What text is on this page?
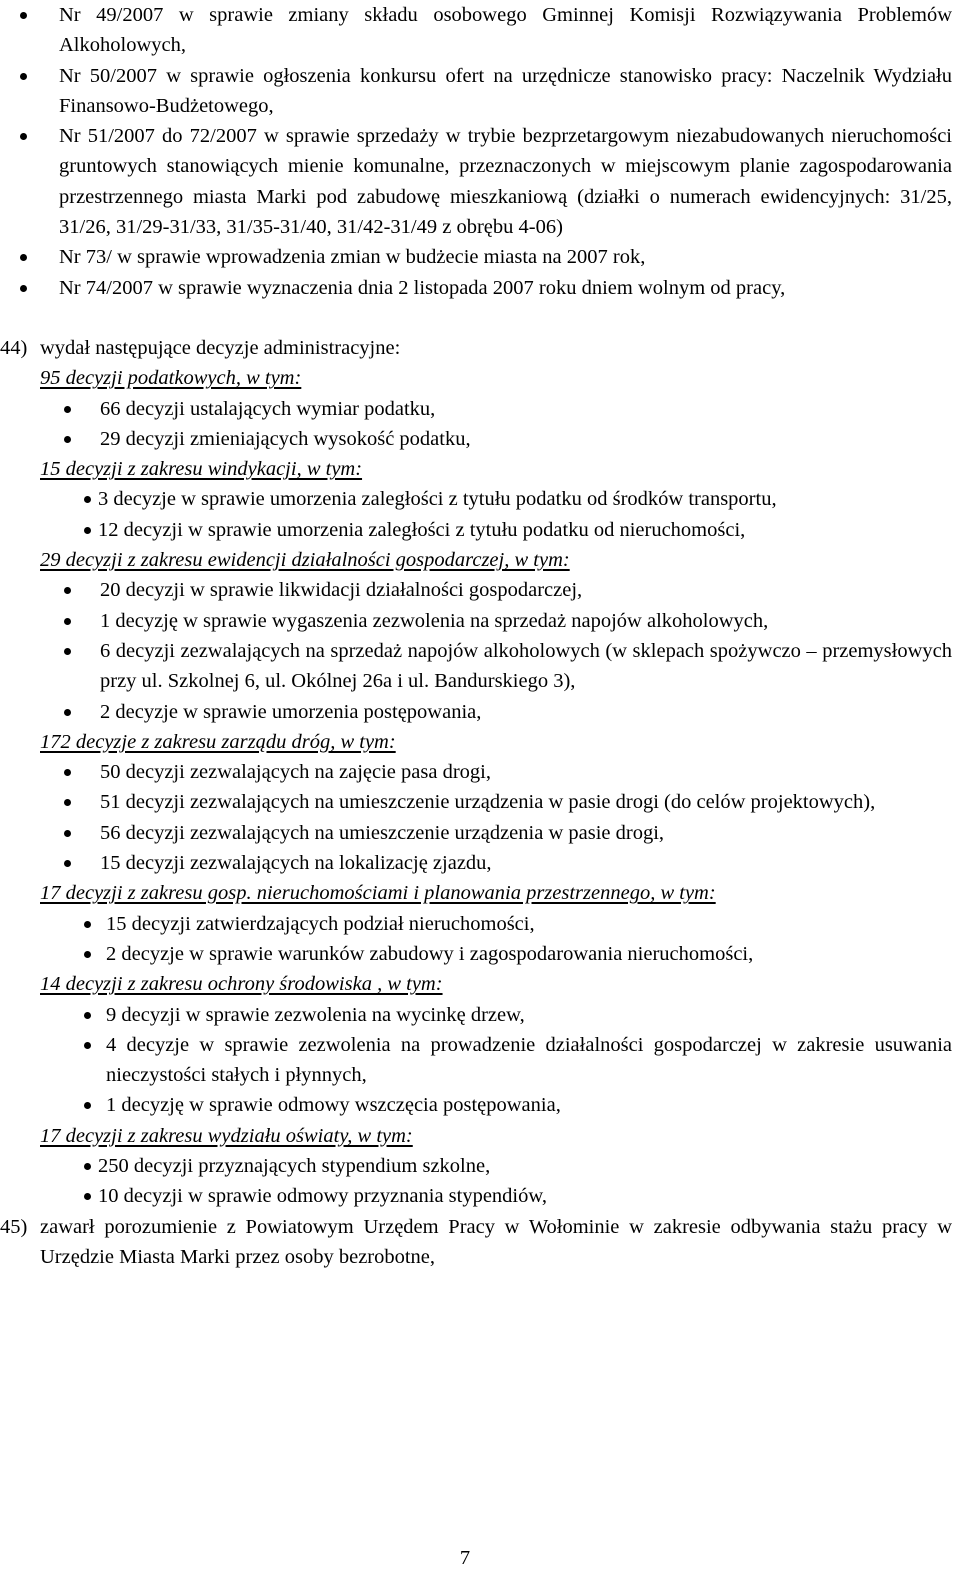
Nr 49/2007 w sprawie zmiany składu osobowego Gminnej Komisji Rozwiązywania Problemów Alkoholowych,
Nr 50/2007 w sprawie ogłoszenia konkursu ofert na urzędnicze stanowisko pracy: Naczelnik Wydziału Finansowo-Budżetowego,
Nr 51/2007 do 72/2007 w sprawie sprzedaży w trybie bezprzetargowym niezabudowanych nieruchomości gruntowych stanowiących mienie komunalne, przeznaczonych w miejscowym planie zagospodarowania przestrzennego miasta Marki pod zabudowę mieszkaniową (działki o numerach ewidencyjnych: 31/25, 31/26, 31/29-31/33, 31/35-31/40, 31/42-31/49 z obrębu 4-06)
Nr 73/ w sprawie wprowadzenia zmian w budżecie miasta na 2007 rok,
Nr 74/2007 w sprawie wyznaczenia dnia 2 listopada 2007 roku dniem wolnym od pracy,
44) wydał następujące decyzje administracyjne:
95 decyzji podatkowych, w tym:
66 decyzji ustalających wymiar podatku,
29 decyzji zmieniających wysokość podatku,
15 decyzji z zakresu windykacji, w tym:
3 decyzje w sprawie umorzenia zaległości z tytułu podatku od środków transportu,
12 decyzji w sprawie umorzenia zaległości z tytułu podatku od nieruchomości,
29 decyzji z zakresu ewidencji działalności gospodarczej, w tym:
20 decyzji w sprawie likwidacji działalności gospodarczej,
1 decyzję w sprawie wygaszenia zezwolenia na sprzedaż napojów alkoholowych,
6 decyzji zezwalających na sprzedaż napojów alkoholowych (w sklepach spożywczo – przemysłowych przy ul. Szkolnej 6, ul. Okólnej 26a i ul. Bandurskiego 3),
2 decyzje w sprawie umorzenia postępowania,
172 decyzje z zakresu zarządu dróg, w tym:
50 decyzji zezwalających na zajęcie pasa drogi,
51 decyzji zezwalających na umieszczenie urządzenia w pasie drogi (do celów projektowych),
56 decyzji zezwalających na umieszczenie urządzenia w pasie drogi,
15 decyzji zezwalających na lokalizację zjazdu,
17 decyzji z zakresu gosp. nieruchomościami i planowania przestrzennego, w tym:
15 decyzji zatwierdzających podział nieruchomości,
2 decyzje w sprawie warunków zabudowy i zagospodarowania nieruchomości,
14 decyzji z zakresu ochrony środowiska , w tym:
9 decyzji w sprawie zezwolenia na wycinkę drzew,
4 decyzje w sprawie zezwolenia na prowadzenie działalności gospodarczej w zakresie usuwania nieczystości stałych i płynnych,
1 decyzję w sprawie odmowy wszczęcia postępowania,
17 decyzji z zakresu wydziału oświaty, w tym:
250 decyzji przyznających stypendium szkolne,
10 decyzji w sprawie odmowy przyznania stypendiów,
45) zawarł porozumienie z Powiatowym Urzędem Pracy w Wołominie w zakresie odbywania stażu pracy w Urzędzie Miasta Marki przez osoby bezrobotne,
7
